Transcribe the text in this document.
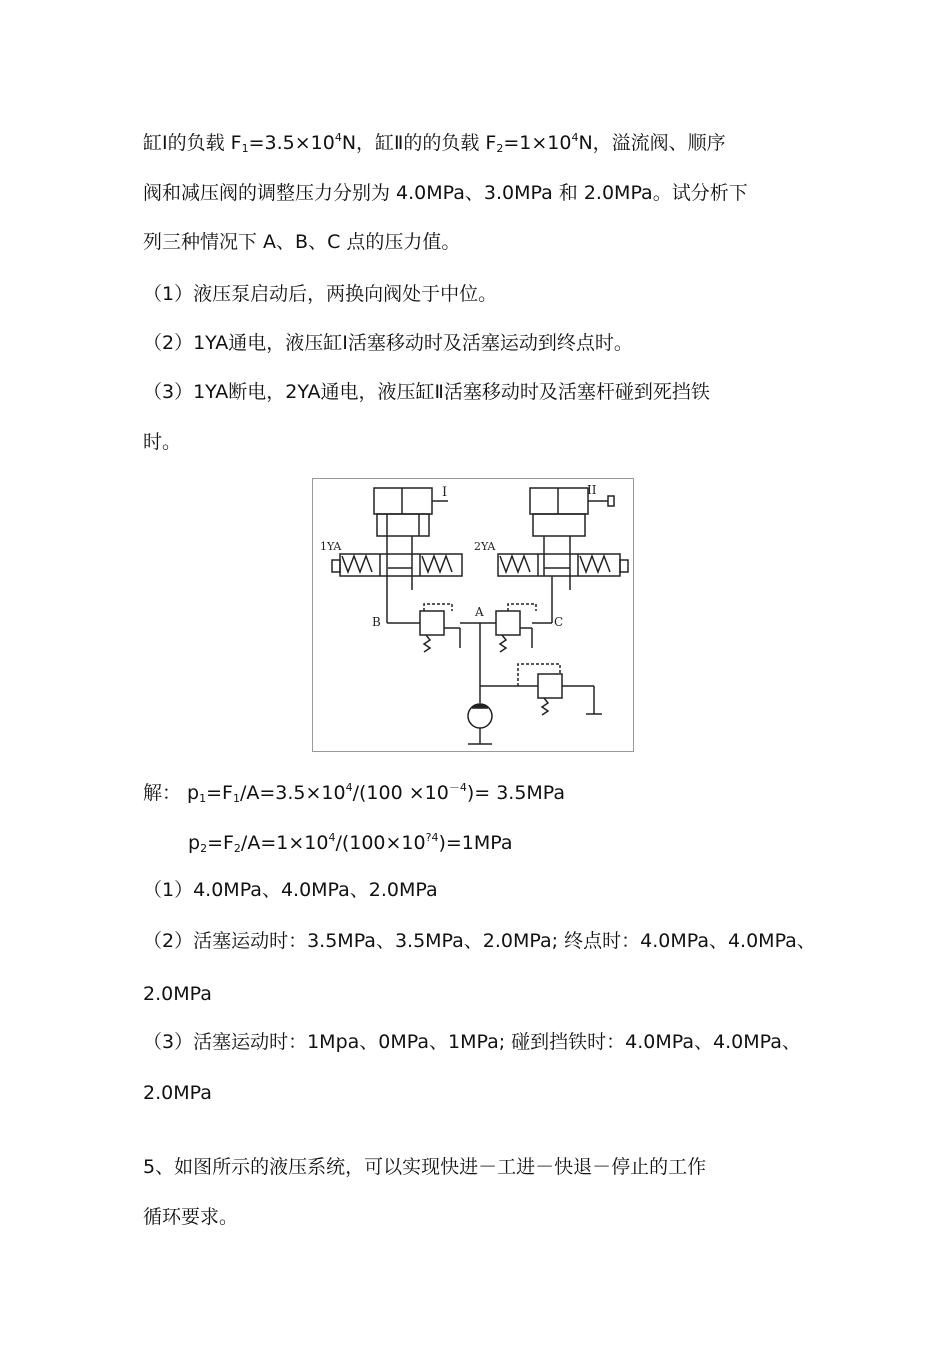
缸Ⅰ的负载 $F_1=3.5\times 10^4N$，缸Ⅱ的的负载 $F_2=1\times 10^4N$，溢流阀、顺序
阀和减压阀的调整压力分别为 4.0MPa、3.0MPa 和 2.0MPa。试分析下
列三种情况下 A、B、C 点的压力值。
（1）液压泵启动后，两换向阀处于中位。
（2）1YA通电，液压缸Ⅰ活塞移动时及活塞运动到终点时。
（3）1YA断电，2YA通电，液压缸Ⅱ活塞移动时及活塞杆碰到死挡铁
时。
I	II
1YA	2YA
B
A
C
解： $p_1=F_1/A=3.5\times 10^4/(100 \times 10^{-4})= 3.5MPa$
$p_2=F_2/A=1\times 10^4/(100\times 10^{?4})=1MPa$
（1）4.0MPa、4.0MPa、2.0MPa
（2）活塞运动时：3.5MPa、3.5MPa、2.0MPa; 终点时：4.0MPa、4.0MPa、
2.0MPa
（3）活塞运动时：1Mpa、0MPa、1MPa; 碰到挡铁时：4.0MPa、4.0MPa、
2.0MPa
5、如图所示的液压系统，可以实现快进－工进－快退－停止的工作
循环要求。
